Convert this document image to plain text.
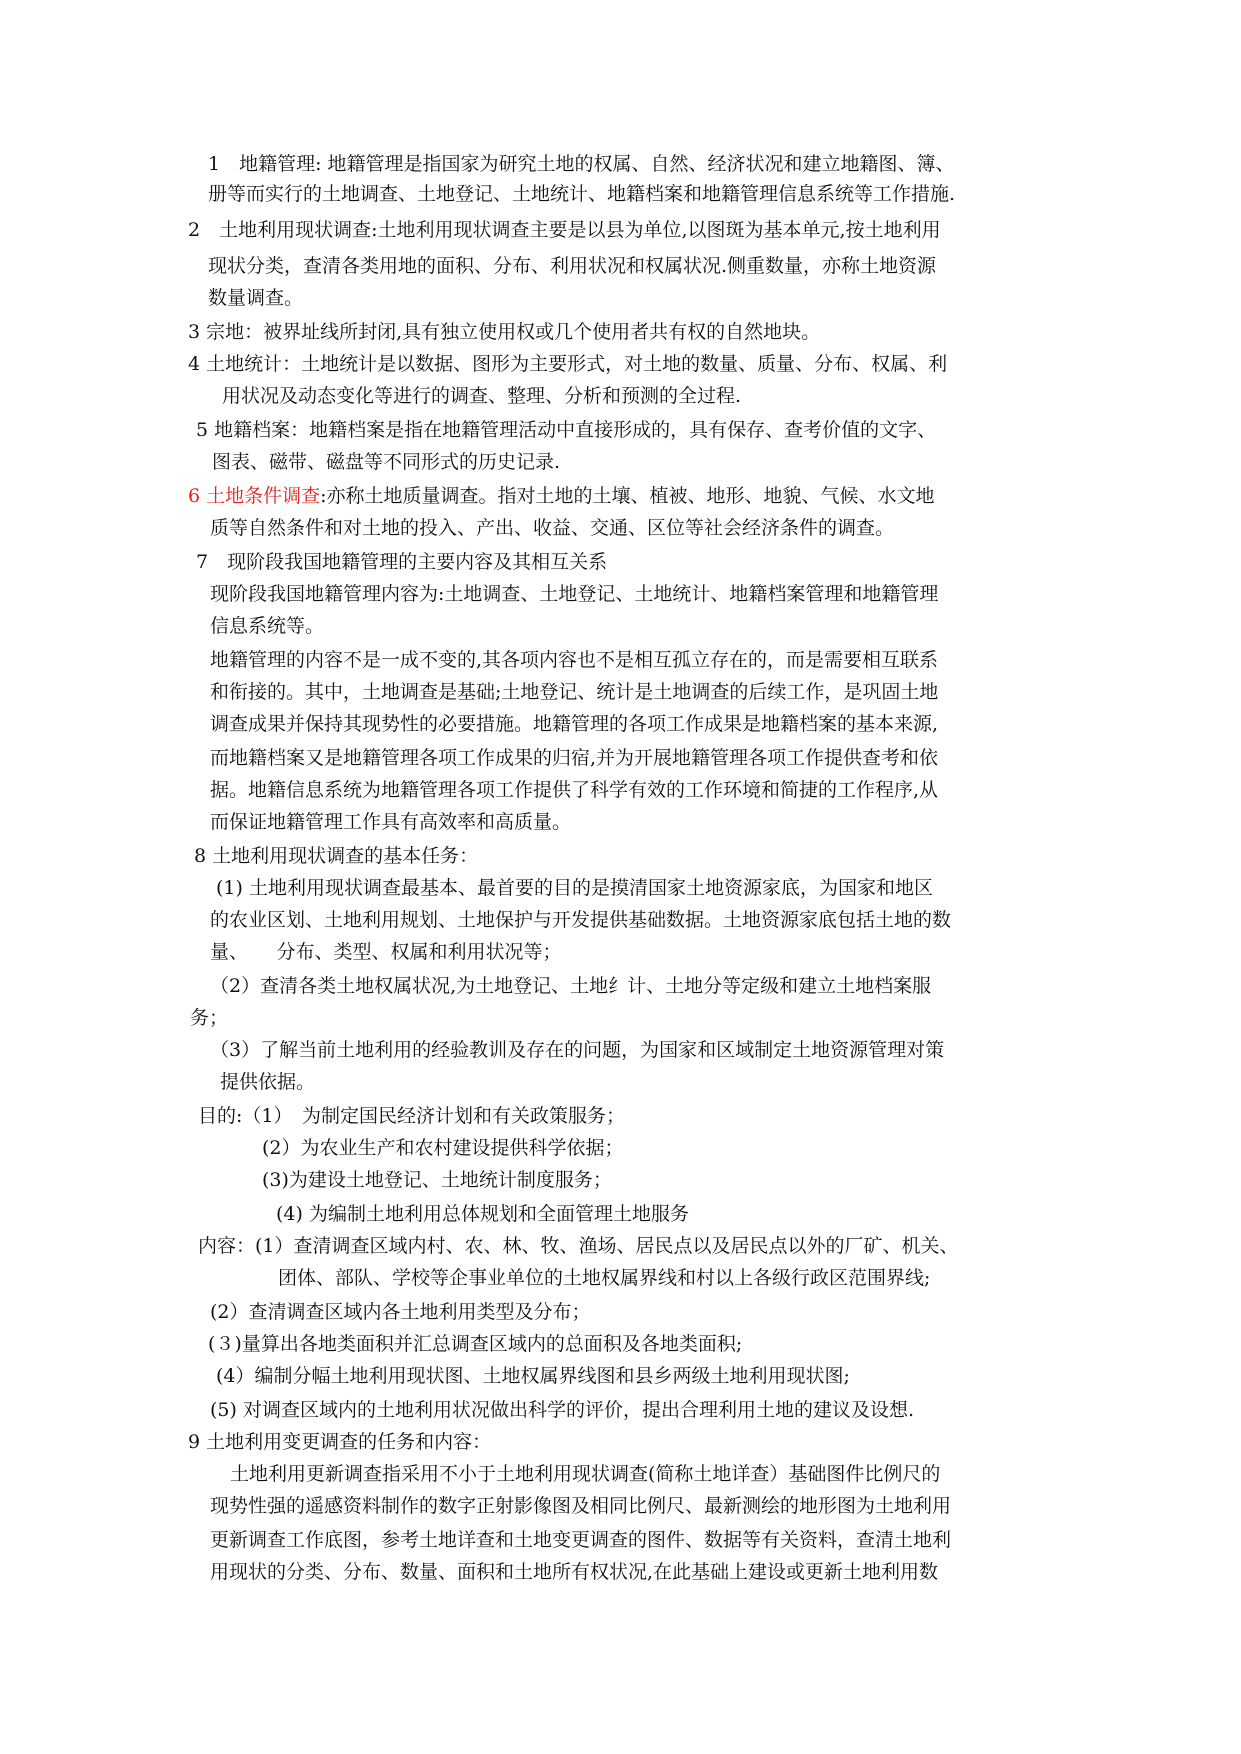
1　地籍管理: 地籍管理是指国家为研究土地的权属、自然、经济状况和建立地籍图、簿、
册等而实行的土地调查、土地登记、土地统计、地籍档案和地籍管理信息系统等工作措施.
2　土地利用现状调查:土地利用现状调查主要是以县为单位,以图斑为基本单元,按土地利用
现状分类，查清各类用地的面积、分布、利用状况和权属状况.侧重数量，亦称土地资源
数量调查。
3 宗地：被界址线所封闭,具有独立使用权或几个使用者共有权的自然地块。
4 土地统计：土地统计是以数据、图形为主要形式，对土地的数量、质量、分布、权属、利
用状况及动态变化等进行的调查、整理、分析和预测的全过程.
5 地籍档案：地籍档案是指在地籍管理活动中直接形成的，具有保存、查考价值的文字、
图表、磁带、磁盘等不同形式的历史记录.
6 土地条件调查:亦称土地质量调查。指对土地的土壤、植被、地形、地貌、气候、水文地
质等自然条件和对土地的投入、产出、收益、交通、区位等社会经济条件的调查。
7　现阶段我国地籍管理的主要内容及其相互关系
现阶段我国地籍管理内容为:土地调查、土地登记、土地统计、地籍档案管理和地籍管理
信息系统等。
地籍管理的内容不是一成不变的,其各项内容也不是相互孤立存在的，而是需要相互联系
和衔接的。其中，土地调查是基础;土地登记、统计是土地调查的后续工作，是巩固土地
调查成果并保持其现势性的必要措施。地籍管理的各项工作成果是地籍档案的基本来源,
而地籍档案又是地籍管理各项工作成果的归宿,并为开展地籍管理各项工作提供查考和依
据。地籍信息系统为地籍管理各项工作提供了科学有效的工作环境和简捷的工作程序,从
而保证地籍管理工作具有高效率和高质量。
8 土地利用现状调查的基本任务：
(1) 土地利用现状调查最基本、最首要的目的是摸清国家土地资源家底，为国家和地区
的农业区划、土地利用规划、土地保护与开发提供基础数据。土地资源家底包括土地的数
量、　　分布、类型、权属和利用状况等；
（2）查清各类土地权属状况,为土地登记、土地纟计、土地分等定级和建立土地档案服
务；
（3）了解当前土地利用的经验教训及存在的问题，为国家和区域制定土地资源管理对策
提供依据。
目的:（1）　为制定国民经济计划和有关政策服务；
(2）为农业生产和农村建设提供科学依据；
(3)为建设土地登记、土地统计制度服务；
(4) 为编制土地利用总体规划和全面管理土地服务
内容：(1）查清调查区域内村、农、林、牧、渔场、居民点以及居民点以外的厂矿、机关、
团体、部队、学校等企事业单位的土地权属界线和村以上各级行政区范围界线;
(2）查清调查区域内各土地利用类型及分布；
(３)量算出各地类面积并汇总调查区域内的总面积及各地类面积;
(4）编制分幅土地利用现状图、土地权属界线图和县乡两级土地利用现状图;
(5) 对调查区域内的土地利用状况做出科学的评价，提出合理利用土地的建议及设想.
9 土地利用变更调查的任务和内容：
土地利用更新调查指采用不小于土地利用现状调查(简称土地详查）基础图件比例尺的
现势性强的遥感资料制作的数字正射影像图及相同比例尺、最新测绘的地形图为土地利用
更新调查工作底图，参考土地详查和土地变更调查的图件、数据等有关资料，查清土地利
用现状的分类、分布、数量、面积和土地所有权状况,在此基础上建设或更新土地利用数
